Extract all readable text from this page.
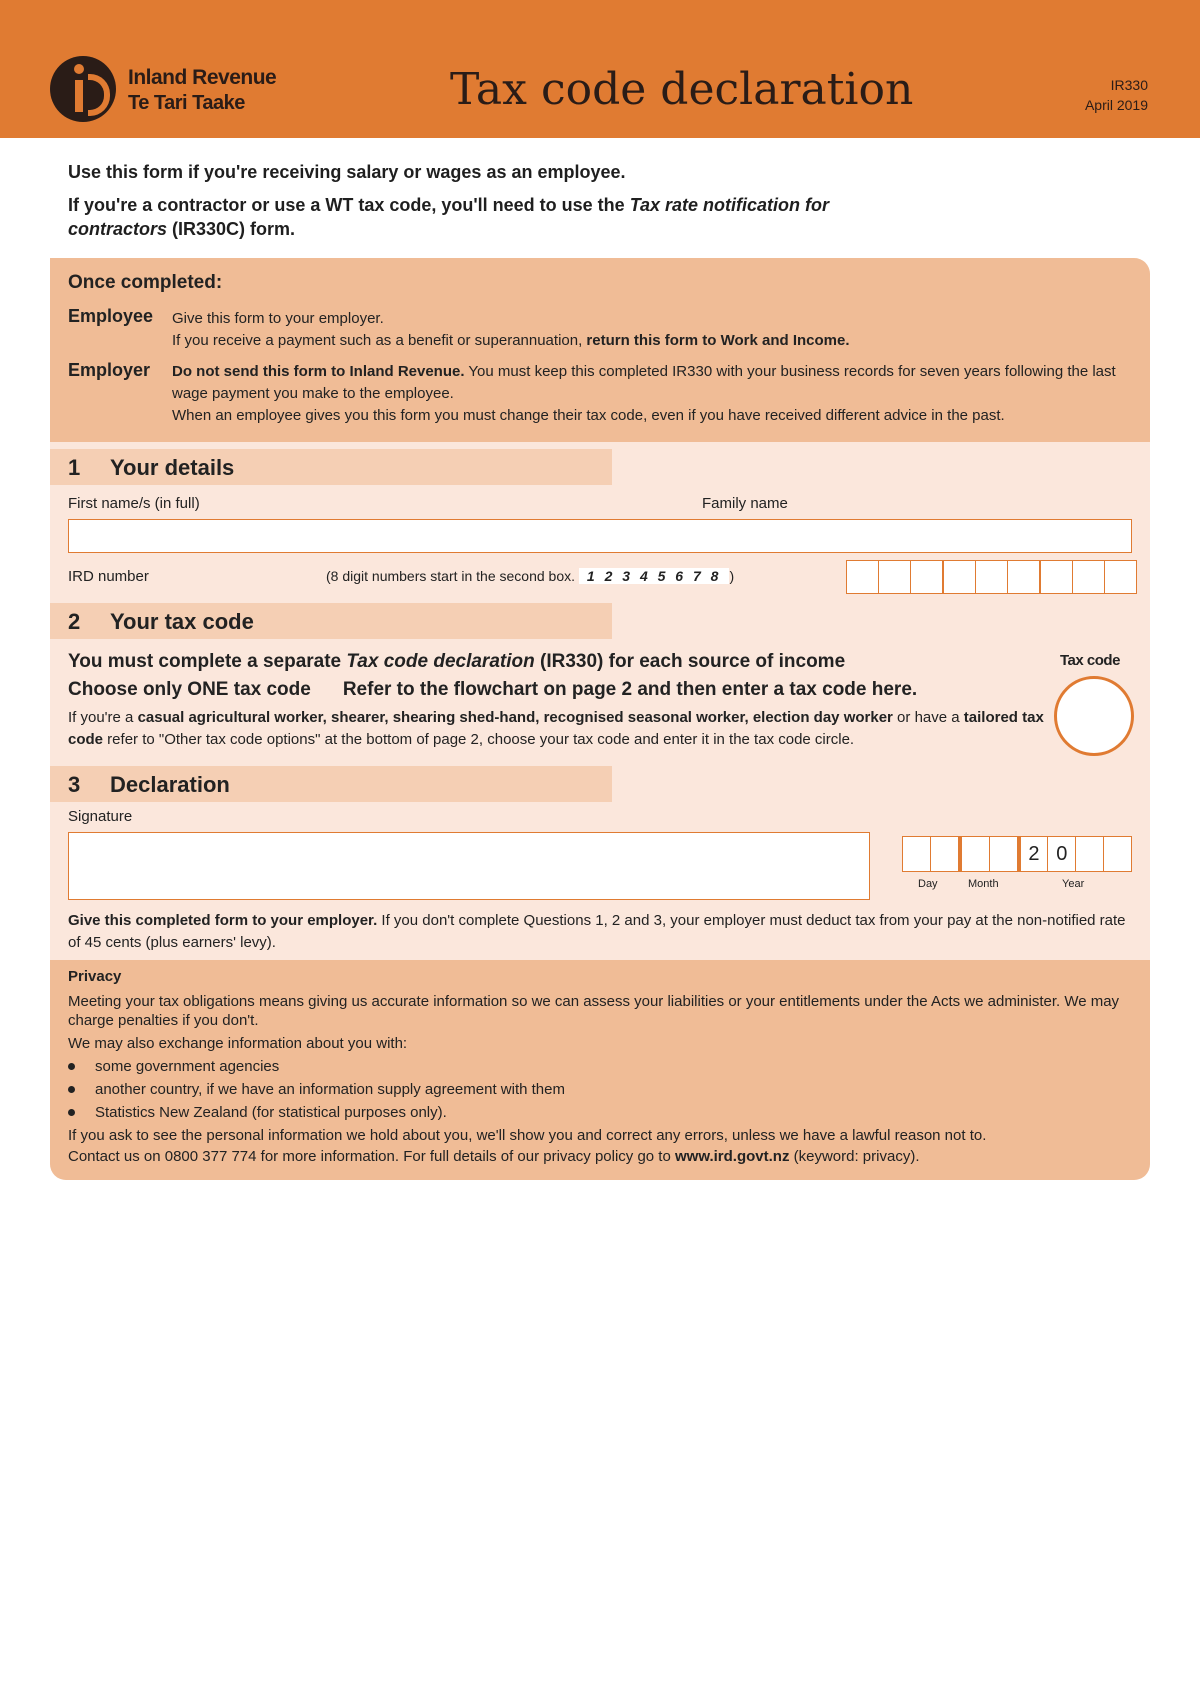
Inland Revenue
Te Tari Taake	Tax code declaration	IR330
April 2019
Use this form if you're receiving salary or wages as an employee.
If you're a contractor or use a WT tax code, you'll need to use the Tax rate notification for contractors (IR330C) form.
Once completed:
Employee Give this form to your employer.
If you receive a payment such as a benefit or superannuation, return this form to Work and Income.
Employer Do not send this form to Inland Revenue. You must keep this completed IR330 with your business records for seven years following the last wage payment you make to the employee.
When an employee gives you this form you must change their tax code, even if you have received different advice in the past.
1 Your details
First name/s (in full)	Family name
IRD number	(8 digit numbers start in the second box. 1 2 3 4 5 6 7 8 )
2 Your tax code
You must complete a separate Tax code declaration (IR330) for each source of income
Choose only ONE tax code Refer to the flowchart on page 2 and then enter a tax code here.
If you're a casual agricultural worker, shearer, shearing shed-hand, recognised seasonal worker, election day worker or have a tailored tax code refer to "Other tax code options" at the bottom of page 2, choose your tax code and enter it in the tax code circle.
Tax code
3 Declaration
Signature
2 0
Day	Month	Year
Give this completed form to your employer. If you don't complete Questions 1, 2 and 3, your employer must deduct tax from your pay at the non-notified rate of 45 cents (plus earners' levy).
Privacy
Meeting your tax obligations means giving us accurate information so we can assess your liabilities or your entitlements under the Acts we administer. We may charge penalties if you don't.
We may also exchange information about you with:
some government agencies
another country, if we have an information supply agreement with them
Statistics New Zealand (for statistical purposes only).
If you ask to see the personal information we hold about you, we'll show you and correct any errors, unless we have a lawful reason not to.
Contact us on 0800 377 774 for more information. For full details of our privacy policy go to www.ird.govt.nz (keyword: privacy).
